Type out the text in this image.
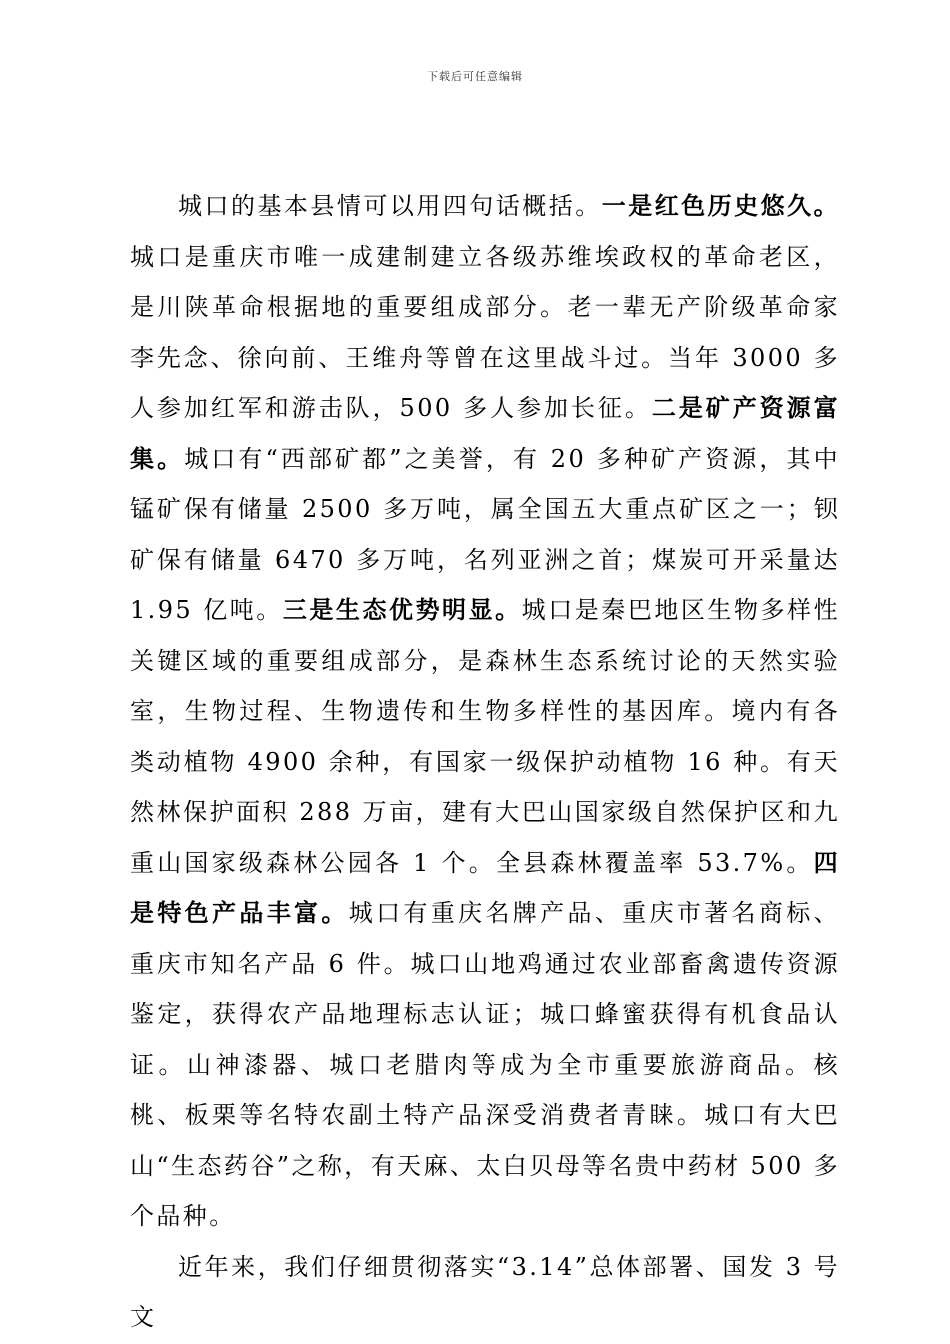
下载后可任意编辑

城口的基本县情可以用四句话概括。一是红色历史悠久。城口是重庆市唯一成建制建立各级苏维埃政权的革命老区，是川陕革命根据地的重要组成部分。老一辈无产阶级革命家李先念、徐向前、王维舟等曾在这里战斗过。当年 3000 多人参加红军和游击队，500 多人参加长征。二是矿产资源富集。城口有“西部矿都”之美誉，有 20 多种矿产资源，其中锰矿保有储量 2500 多万吨，属全国五大重点矿区之一；钡矿保有储量 6470 多万吨，名列亚洲之首；煤炭可开采量达 1.95 亿吨。三是生态优势明显。城口是秦巴地区生物多样性关键区域的重要组成部分，是森林生态系统讨论的天然实验室，生物过程、生物遗传和生物多样性的基因库。境内有各类动植物 4900 余种，有国家一级保护动植物 16 种。有天然林保护面积 288 万亩，建有大巴山国家级自然保护区和九重山国家级森林公园各 1 个。全县森林覆盖率 53.7%。四是特色产品丰富。城口有重庆名牌产品、重庆市著名商标、重庆市知名产品 6 件。城口山地鸡通过农业部畜禽遗传资源鉴定，获得农产品地理标志认证；城口蜂蜜获得有机食品认证。山神漆器、城口老腊肉等成为全市重要旅游商品。核桃、板栗等名特农副土特产品深受消费者青睐。城口有大巴山“生态药谷”之称，有天麻、太白贝母等名贵中药材 500 多个品种。

近年来，我们仔细贯彻落实“3.14”总体部署、国发 3 号文
